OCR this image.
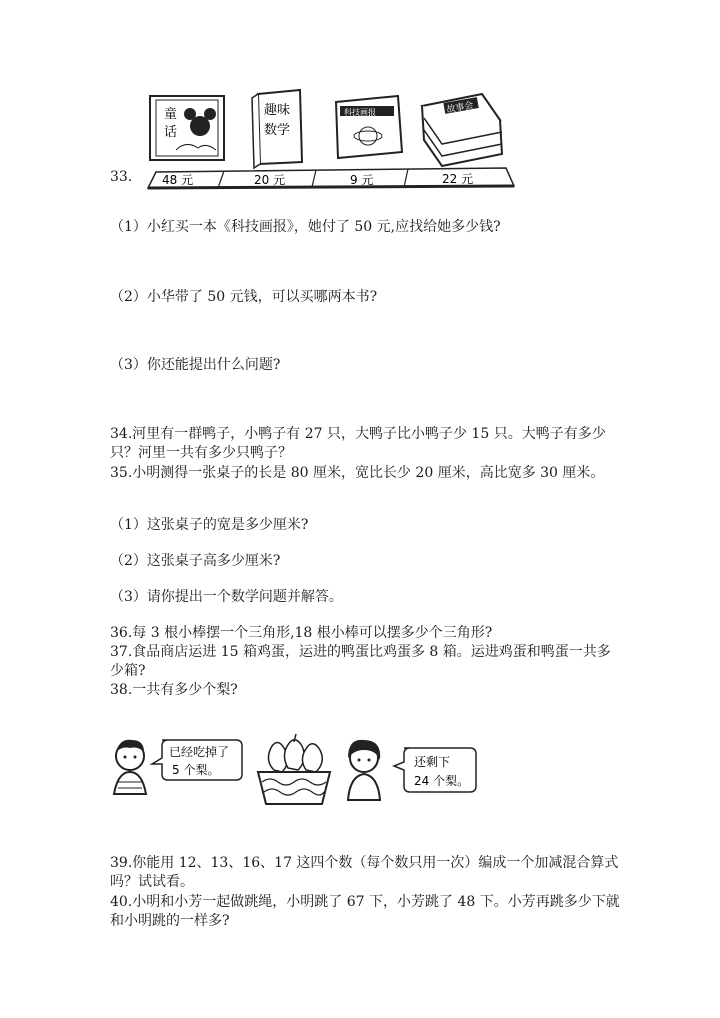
33.
童
话
趣味
数学
科技画报	故事会
48 元	20 元	9 元	22 元
（1）小红买一本《科技画报》，她付了 50 元,应找给她多少钱?
（2）小华带了 50 元钱，可以买哪两本书?
（3）你还能提出什么问题?
34.河里有一群鸭子，小鸭子有 27 只，大鸭子比小鸭子少 15 只。大鸭子有多少只？河里一共有多少只鸭子？
35.小明测得一张桌子的长是 80 厘米，宽比长少 20 厘米，高比宽多 30 厘米。
（1）这张桌子的宽是多少厘米?
（2）这张桌子高多少厘米?
（3）请你提出一个数学问题并解答。
36.每 3 根小棒摆一个三角形,18 根小棒可以摆多少个三角形?
37.食品商店运进 15 箱鸡蛋，运进的鸭蛋比鸡蛋多 8 箱。运进鸡蛋和鸭蛋一共多少箱?
38.一共有多少个梨?
已经吃掉了
5 个梨。
还剩下
24 个梨。
39.你能用 12、13、16、17 这四个数（每个数只用一次）编成一个加减混合算式吗？试试看。
40.小明和小芳一起做跳绳，小明跳了 67 下，小芳跳了 48 下。小芳再跳多少下就和小明跳的一样多?
